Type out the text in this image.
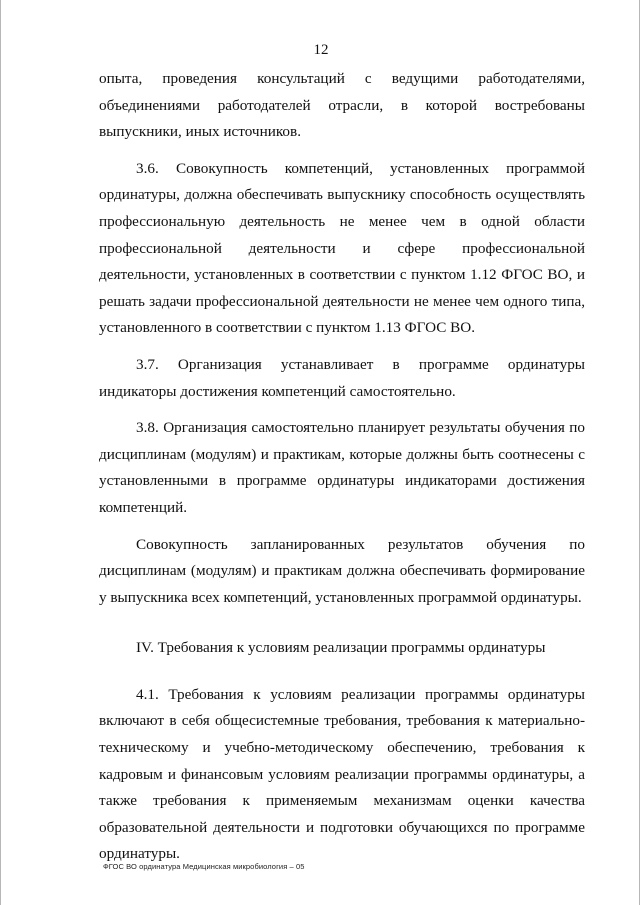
12

опыта, проведения консультаций с ведущими работодателями, объединениями работодателей отрасли, в которой востребованы выпускники, иных источников.

3.6. Совокупность компетенций, установленных программой ординатуры, должна обеспечивать выпускнику способность осуществлять профессиональную деятельность не менее чем в одной области профессиональной деятельности и сфере профессиональной деятельности, установленных в соответствии с пунктом 1.12 ФГОС ВО, и решать задачи профессиональной деятельности не менее чем одного типа, установленного в соответствии с пунктом 1.13 ФГОС ВО.

3.7. Организация устанавливает в программе ординатуры индикаторы достижения компетенций самостоятельно.

3.8. Организация самостоятельно планирует результаты обучения по дисциплинам (модулям) и практикам, которые должны быть соотнесены с установленными в программе ординатуры индикаторами достижения компетенций.

Совокупность запланированных результатов обучения по дисциплинам (модулям) и практикам должна обеспечивать формирование у выпускника всех компетенций, установленных программой ординатуры.

IV. Требования к условиям реализации программы ординатуры

4.1. Требования к условиям реализации программы ординатуры включают в себя общесистемные требования, требования к материально-техническому и учебно-методическому обеспечению, требования к кадровым и финансовым условиям реализации программы ординатуры, а также требования к применяемым механизмам оценки качества образовательной деятельности и подготовки обучающихся по программе ординатуры.

ФГОС ВО ординатура Медицинская микробиология – 05
